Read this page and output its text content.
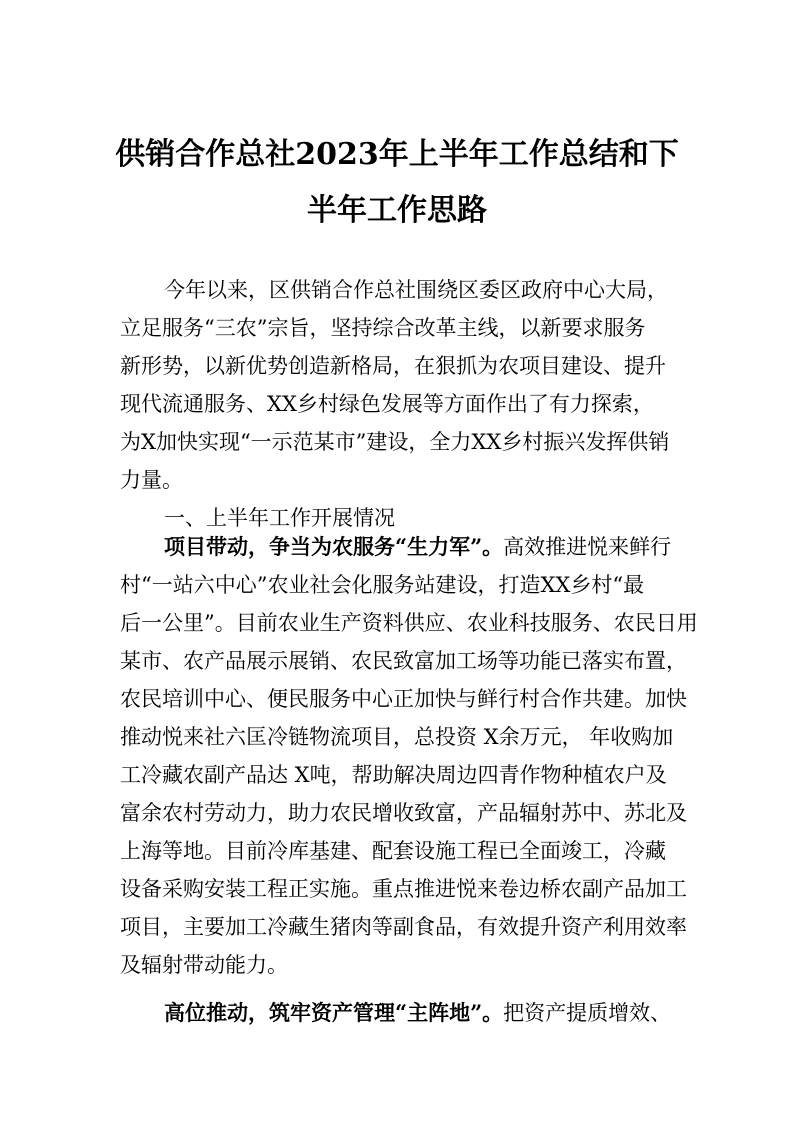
供销合作总社2023年上半年工作总结和下
半年工作思路
今年以来，区供销合作总社围绕区委区政府中心大局，
立足服务“三农”宗旨，坚持综合改革主线，以新要求服务
新形势，以新优势创造新格局，在狠抓为农项目建设、提升
现代流通服务、XX乡村绿色发展等方面作出了有力探索，
为X加快实现“一示范某市”建设，全力XX乡村振兴发挥供销
力量。
一、上半年工作开展情况
项目带动，争当为农服务“生力军”。高效推进悦来鲜行
村“一站六中心”农业社会化服务站建设，打造XX乡村“最
后一公里”。目前农业生产资料供应、农业科技服务、农民日用
某市、农产品展示展销、农民致富加工场等功能已落实布置，
农民培训中心、便民服务中心正加快与鲜行村合作共建。加快
推动悦来社六匡冷链物流项目，总投资 X余万元， 年收购加
工冷藏农副产品达 X吨，帮助解决周边四青作物种植农户及
富余农村劳动力，助力农民增收致富，产品辐射苏中、苏北及
上海等地。目前冷库基建、配套设施工程已全面竣工，冷藏
设备采购安装工程正实施。重点推进悦来卷边桥农副产品加工
项目，主要加工冷藏生猪肉等副食品，有效提升资产利用效率
及辐射带动能力。
高位推动，筑牢资产管理“主阵地”。把资产提质增效、
